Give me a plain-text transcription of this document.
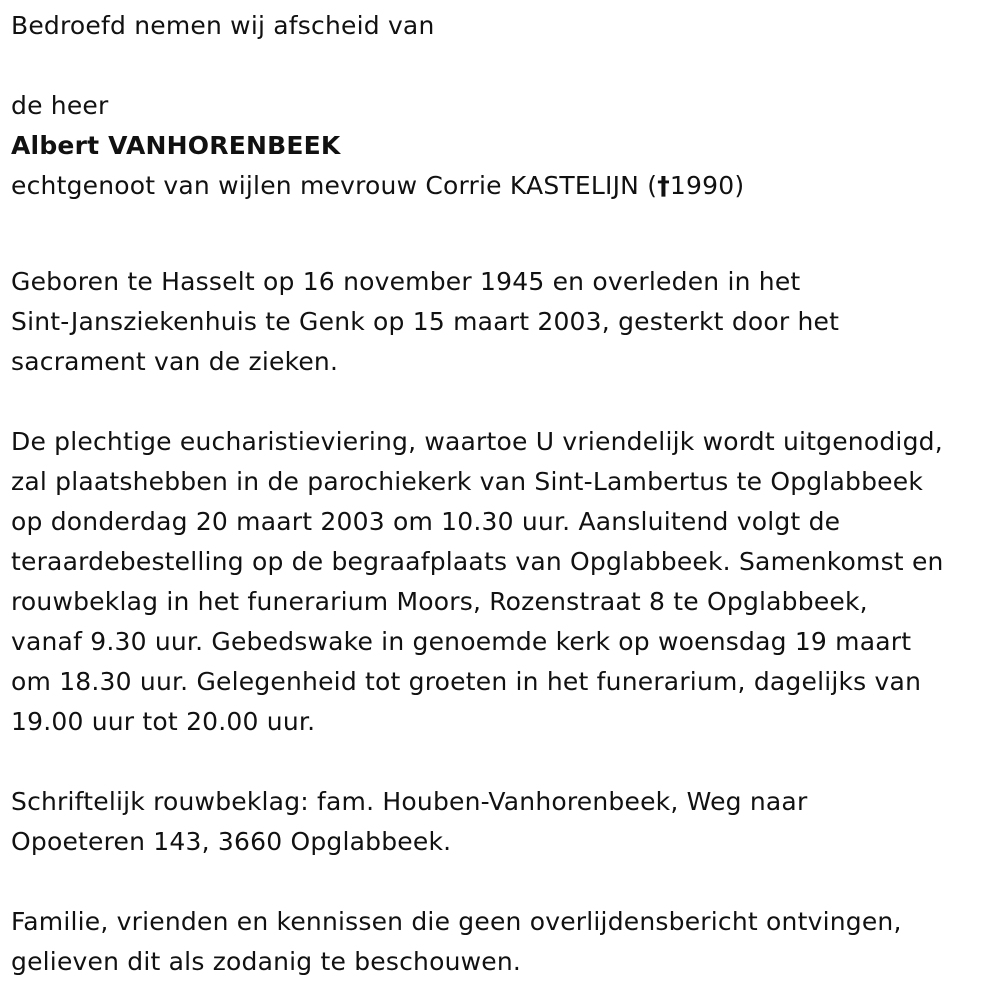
Bedroefd nemen wij afscheid van

de heer

Albert VANHORENBEEK

echtgenoot van wijlen mevrouw Corrie KASTELIJN (†1990)

Geboren te Hasselt op 16 november 1945 en overleden in het

Sint-Jansziekenhuis te Genk op 15 maart 2003, gesterkt door het

sacrament van de zieken.

De plechtige eucharistieviering, waartoe U vriendelijk wordt uitgenodigd,

zal plaatshebben in de parochiekerk van Sint-Lambertus te Opglabbeek

op donderdag 20 maart 2003 om 10.30 uur. Aansluitend volgt de

teraardebestelling op de begraafplaats van Opglabbeek. Samenkomst en

rouwbeklag in het funerarium Moors, Rozenstraat 8 te Opglabbeek,

vanaf 9.30 uur. Gebedswake in genoemde kerk op woensdag 19 maart

om 18.30 uur. Gelegenheid tot groeten in het funerarium, dagelijks van

19.00 uur tot 20.00 uur.

Schriftelijk rouwbeklag: fam. Houben-Vanhorenbeek, Weg naar

Opoeteren 143, 3660 Opglabbeek.

Familie, vrienden en kennissen die geen overlijdensbericht ontvingen,

gelieven dit als zodanig te beschouwen.
